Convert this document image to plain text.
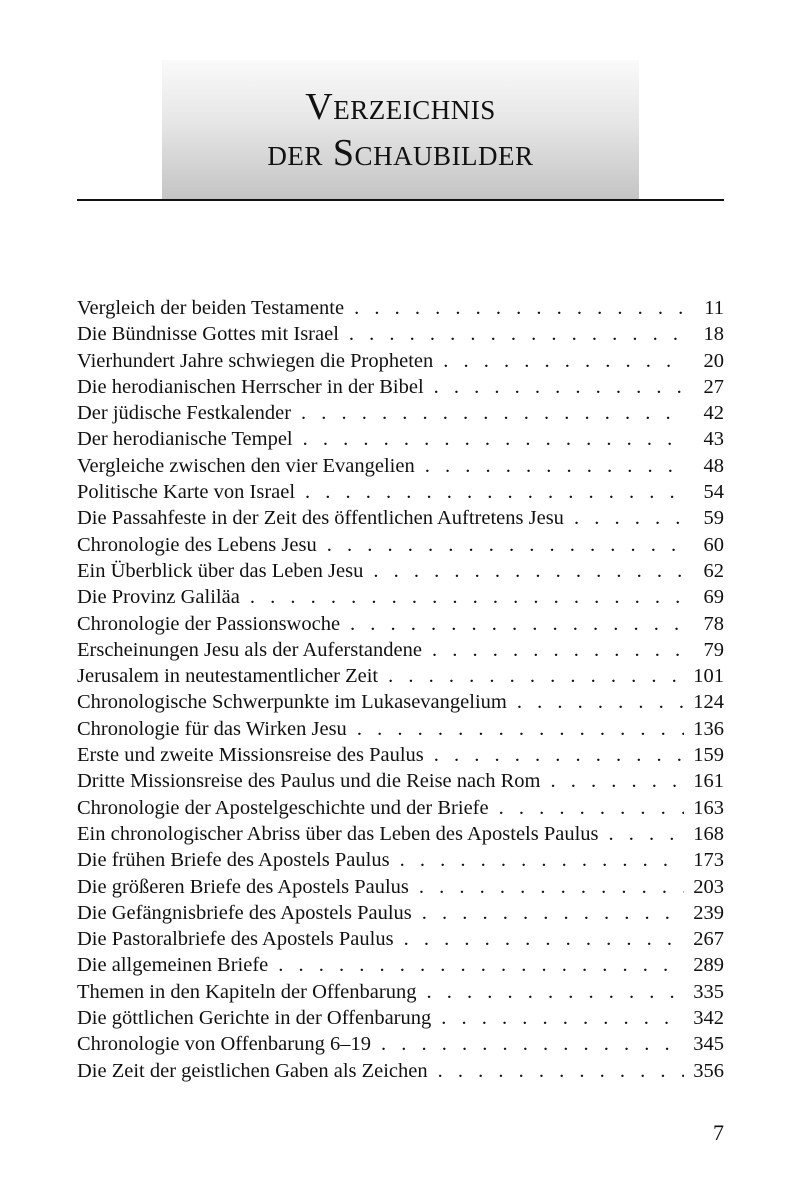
Verzeichnis
der Schaubilder
Vergleich der beiden Testamente . . .	11
Die Bündnisse Gottes mit Israel . . .	18
Vierhundert Jahre schwiegen die Propheten . . .	20
Die herodianischen Herrscher in der Bibel . . .	27
Der jüdische Festkalender . . .	42
Der herodianische Tempel . . .	43
Vergleiche zwischen den vier Evangelien . . .	48
Politische Karte von Israel . . .	54
Die Passahfeste in der Zeit des öffentlichen Auftretens Jesu . . .	59
Chronologie des Lebens Jesu . . .	60
Ein Überblick über das Leben Jesu . . .	62
Die Provinz Galiläa . . .	69
Chronologie der Passionswoche . . .	78
Erscheinungen Jesu als der Auferstandene . . .	79
Jerusalem in neutestamentlicher Zeit . . .	101
Chronologische Schwerpunkte im Lukasevangelium . . .	124
Chronologie für das Wirken Jesu . . .	136
Erste und zweite Missionsreise des Paulus . . .	159
Dritte Missionsreise des Paulus und die Reise nach Rom . . .	161
Chronologie der Apostelgeschichte und der Briefe . . .	163
Ein chronologischer Abriss über das Leben des Apostels Paulus . . .	168
Die frühen Briefe des Apostels Paulus . . .	173
Die größeren Briefe des Apostels Paulus . . .	203
Die Gefängnisbriefe des Apostels Paulus . . .	239
Die Pastoralbriefe des Apostels Paulus . . .	267
Die allgemeinen Briefe . . .	289
Themen in den Kapiteln der Offenbarung . . .	335
Die göttlichen Gerichte in der Offenbarung . . .	342
Chronologie von Offenbarung 6–19 . . .	345
Die Zeit der geistlichen Gaben als Zeichen . . .	356
7
